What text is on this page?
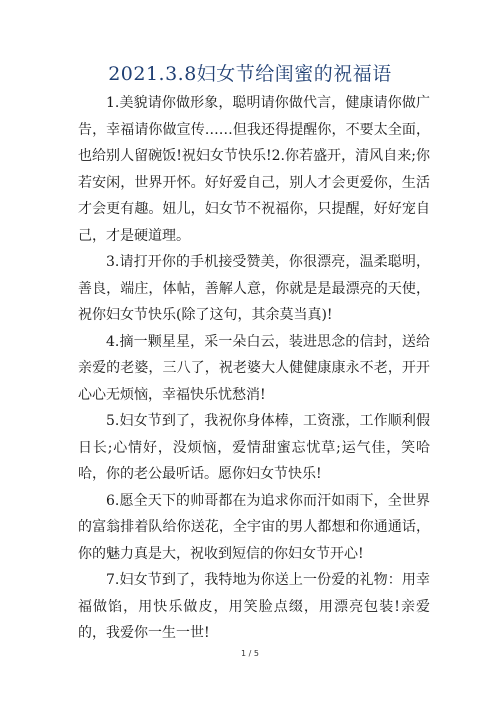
2021.3.8妇女节给闺蜜的祝福语

1.美貌请你做形象，聪明请你做代言，健康请你做广告，幸福请你做宣传……但我还得提醒你，不要太全面，也给别人留碗饭!祝妇女节快乐!2.你若盛开，清风自来;你若安闲，世界开怀。好好爱自己，别人才会更爱你，生活才会更有趣。妞儿，妇女节不祝福你，只提醒，好好宠自己，才是硬道理。

3.请打开你的手机接受赞美，你很漂亮，温柔聪明，善良，端庄，体帖，善解人意，你就是是最漂亮的天使，祝你妇女节快乐(除了这句，其余莫当真)!

4.摘一颗星星，采一朵白云，装进思念的信封，送给亲爱的老婆，三八了，祝老婆大人健健康康永不老，开开心心无烦恼，幸福快乐忧愁消!

5.妇女节到了，我祝你身体棒，工资涨，工作顺利假日长;心情好，没烦恼，爱情甜蜜忘忧草;运气佳，笑哈哈，你的老公最听话。愿你妇女节快乐!

6.愿全天下的帅哥都在为追求你而汗如雨下，全世界的富翁排着队给你送花，全宇宙的男人都想和你通通话，你的魅力真是大，祝收到短信的你妇女节开心!

7.妇女节到了，我特地为你送上一份爱的礼物：用幸福做馅，用快乐做皮，用笑脸点缀，用漂亮包装!亲爱的，我爱你一生一世!

1 / 5
